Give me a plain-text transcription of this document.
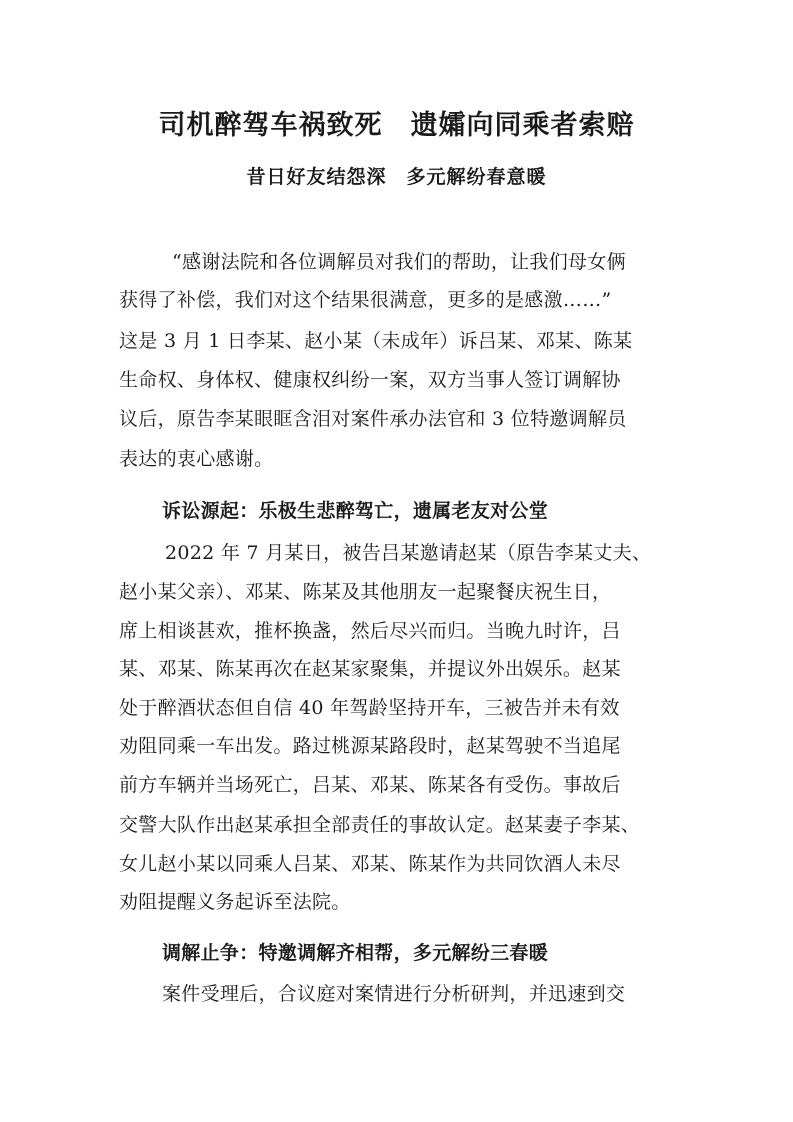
司机醉驾车祸致死　遗孀向同乘者索赔
昔日好友结怨深　多元解纷春意暖

“感谢法院和各位调解员对我们的帮助，让我们母女俩

获得了补偿，我们对这个结果很满意，更多的是感激……”

这是 3 月 1 日李某、赵小某（未成年）诉吕某、邓某、陈某

生命权、身体权、健康权纠纷一案，双方当事人签订调解协

议后，原告李某眼眶含泪对案件承办法官和 3 位特邀调解员

表达的衷心感谢。

诉讼源起：乐极生悲醉驾亡，遗属老友对公堂

2022 年 7 月某日，被告吕某邀请赵某（原告李某丈夫、

赵小某父亲）、邓某、陈某及其他朋友一起聚餐庆祝生日，

席上相谈甚欢，推杯换盏，然后尽兴而归。当晚九时许，吕

某、邓某、陈某再次在赵某家聚集，并提议外出娱乐。赵某

处于醉酒状态但自信 40 年驾龄坚持开车，三被告并未有效

劝阻同乘一车出发。路过桃源某路段时，赵某驾驶不当追尾

前方车辆并当场死亡，吕某、邓某、陈某各有受伤。事故后

交警大队作出赵某承担全部责任的事故认定。赵某妻子李某、

女儿赵小某以同乘人吕某、邓某、陈某作为共同饮酒人未尽

劝阻提醒义务起诉至法院。

调解止争：特邀调解齐相帮，多元解纷三春暖

案件受理后，合议庭对案情进行分析研判，并迅速到交
